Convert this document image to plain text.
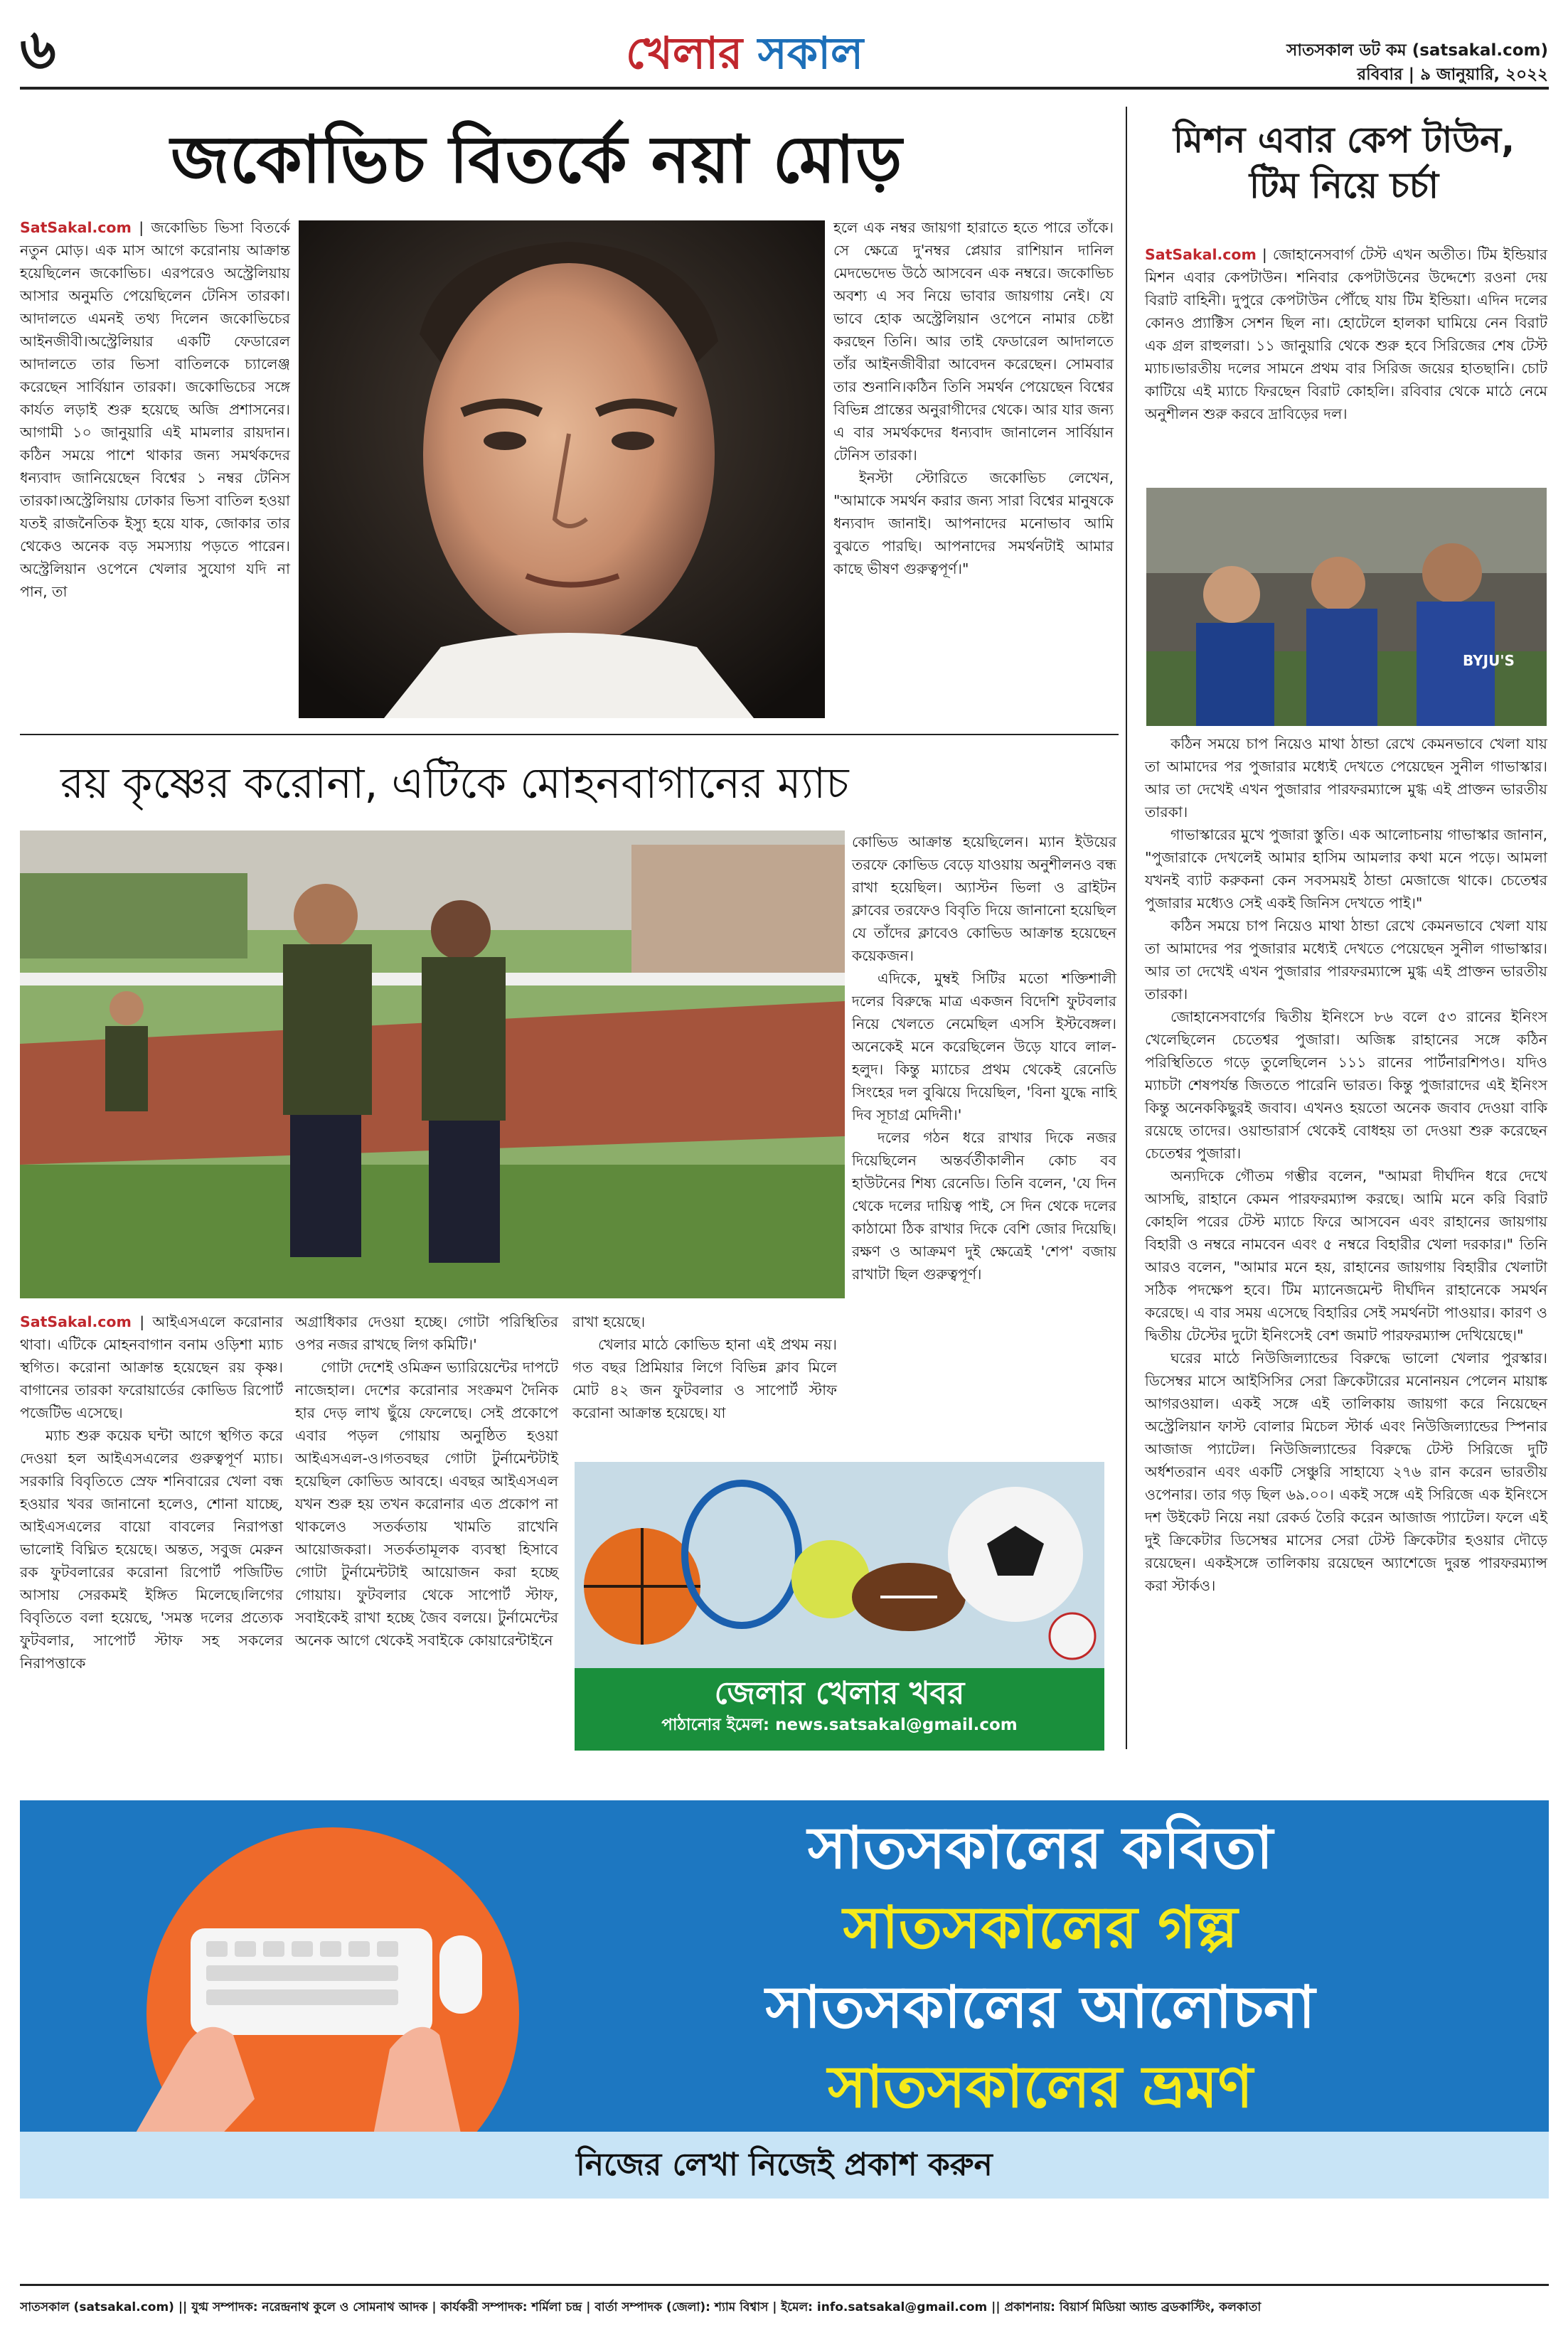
৬	খেলার সকাল	সাতসকাল ডট কম (satsakal.com)
রবিবার | ৯ জানুয়ারি, ২০২২
জকোভিচ বিতর্কে নয়া মোড়

SatSakal.com | জকোভিচ ভিসা বিতর্কে নতুন মোড়। এক মাস আগে করোনায় আক্রান্ত হয়েছিলেন জকোভিচ। এরপরেও অস্ট্রেলিয়ায় আসার অনুমতি পেয়েছিলেন টেনিস তারকা। আদালতে এমনই তথ্য দিলেন জকোভিচের আইনজীবী।অস্ট্রেলিয়ার একটি ফেডারেল আদালতে তার ভিসা বাতিলকে চ্যালেঞ্জ করেছেন সার্বিয়ান তারকা। জকোভিচের সঙ্গে কার্যত লড়াই শুরু হয়েছে অজি প্রশাসনের। আগামী ১০ জানুয়ারি এই মামলার রায়দান।কঠিন সময়ে পাশে থাকার জন্য সমর্থকদের ধন্যবাদ জানিয়েছেন বিশ্বের ১ নম্বর টেনিস তারকা।অস্ট্রেলিয়ায় ঢোকার ভিসা বাতিল হওয়া যতই রাজনৈতিক ইস্যু হয়ে যাক, জোকার তার থেকেও অনেক বড় সমস্যায় পড়তে পারেন। অস্ট্রেলিয়ান ওপেনে খেলার সুযোগ যদি না পান, তা

হলে এক নম্বর জায়গা হারাতে হতে পারে তাঁকে। সে ক্ষেত্রে দু'নম্বর প্লেয়ার রাশিয়ান দানিল মেদভেদেভ উঠে আসবেন এক নম্বরে। জকোভিচ অবশ্য এ সব নিয়ে ভাবার জায়গায় নেই। যে ভাবে হোক অস্ট্রেলিয়ান ওপেনে নামার চেষ্টা করছেন তিনি। আর তাই ফেডারেল আদালতে তাঁর আইনজীবীরা আবেদন করেছেন। সোমবার তার শুনানি।কঠিন তিনি সমর্থন পেয়েছেন বিশ্বের বিভিন্ন প্রান্তের অনুরাগীদের থেকে। আর যার জন্য এ বার সমর্থকদের ধন্যবাদ জানালেন সার্বিয়ান টেনিস তারকা।

ইনস্টা স্টোরিতে জকোভিচ লেখেন, "আমাকে সমর্থন করার জন্য সারা বিশ্বের মানুষকে ধন্যবাদ জানাই। আপনাদের মনোভাব আমি বুঝতে পারছি। আপনাদের সমর্থনটাই আমার কাছে ভীষণ গুরুত্বপূর্ণ।"

মিশন এবার কেপ টাউন,
টিম নিয়ে চর্চা

SatSakal.com | জোহানেসবার্গ টেস্ট এখন অতীত। টিম ইন্ডিয়ার মিশন এবার কেপটাউন। শনিবার কেপটাউনের উদ্দেশ্যে রওনা দেয় বিরাট বাহিনী। দুপুরে কেপটাউন পৌঁছে যায় টিম ইন্ডিয়া। এদিন দলের কোনও প্র্যাক্টিস সেশন ছিল না। হোটেলে হালকা ঘামিয়ে নেন বিরাট এক গ্রল রাহুলরা। ১১ জানুয়ারি থেকে শুরু হবে সিরিজের শেষ টেস্ট ম্যাচ।ভারতীয় দলের সামনে প্রথম বার সিরিজ জয়ের হাতছানি। চোট কাটিয়ে এই ম্যাচে ফিরছেন বিরাট কোহলি। রবিবার থেকে মাঠে নেমে অনুশীলন শুরু করবে দ্রাবিড়ের দল।

BYJU'S

কঠিন সময়ে চাপ নিয়েও মাথা ঠান্ডা রেখে কেমনভাবে খেলা যায় তা আমাদের পর পুজারার মধ্যেই দেখতে পেয়েছেন সুনীল গাভাস্কার। আর তা দেখেই এখন পুজারার পারফরম্যান্সে মুগ্ধ এই প্রাক্তন ভারতীয় তারকা।

গাভাস্কারের মুখে পুজারা স্তুতি। এক আলোচনায় গাভাস্কার জানান, "পুজারাকে দেখলেই আমার হাসিম আমলার কথা মনে পড়ে। আমলা যখনই ব্যাট করুকনা কেন সবসময়ই ঠান্ডা মেজাজে থাকে। চেতেশ্বর পুজারার মধ্যেও সেই একই জিনিস দেখতে পাই।"

কঠিন সময়ে চাপ নিয়েও মাথা ঠান্ডা রেখে কেমনভাবে খেলা যায় তা আমাদের পর পুজারার মধ্যেই দেখতে পেয়েছেন সুনীল গাভাস্কার। আর তা দেখেই এখন পুজারার পারফরম্যান্সে মুগ্ধ এই প্রাক্তন ভারতীয় তারকা।

জোহানেসবার্গের দ্বিতীয় ইনিংসে ৮৬ বলে ৫৩ রানের ইনিংস খেলেছিলেন চেতেশ্বর পুজারা। অজিঙ্ক রাহানের সঙ্গে কঠিন পরিস্থিতিতে গড়ে তুলেছিলেন ১১১ রানের পার্টনারশিপও। যদিও ম্যাচটা শেষপর্যন্ত জিততে পারেনি ভারত। কিন্তু পুজারাদের এই ইনিংস কিন্তু অনেককিছুরই জবাব। এখনও হয়তো অনেক জবাব দেওয়া বাকি রয়েছে তাদের। ওয়ান্ডারার্স থেকেই বোধহয় তা দেওয়া শুরু করেছেন চেতেশ্বর পুজারা।

অন্যদিকে গৌতম গম্ভীর বলেন, "আমরা দীর্ঘদিন ধরে দেখে আসছি, রাহানে কেমন পারফরম্যান্স করছে। আমি মনে করি বিরাট কোহলি পরের টেস্ট ম্যাচে ফিরে আসবেন এবং রাহানের জায়গায় বিহারী ও নম্বরে নামবেন এবং ৫ নম্বরে বিহারীর খেলা দরকার।" তিনি আরও বলেন, "আমার মনে হয়, রাহানের জায়গায় বিহারীর খেলাটা সঠিক পদক্ষেপ হবে। টিম ম্যানেজমেন্ট দীর্ঘদিন রাহানেকে সমর্থন করেছে। এ বার সময় এসেছে বিহারির সেই সমর্থনটা পাওয়ার। কারণ ও দ্বিতীয় টেস্টের দুটো ইনিংসেই বেশ জমাট পারফরম্যান্স দেখিয়েছে।"

ঘরের মাঠে নিউজিল্যান্ডের বিরুদ্ধে ভালো খেলার পুরস্কার। ডিসেম্বর মাসে আইসিসির সেরা ক্রিকেটারের মনোনয়ন পেলেন মায়াঙ্ক আগরওয়াল। একই সঙ্গে এই তালিকায় জায়গা করে নিয়েছেন অস্ট্রেলিয়ান ফাস্ট বোলার মিচেল স্টার্ক এবং নিউজিল্যান্ডের স্পিনার আজাজ প্যাটেল। নিউজিল্যান্ডের বিরুদ্ধে টেস্ট সিরিজে দুটি অর্ধশতরান এবং একটি সেঞ্চুরি সাহায্যে ২৭৬ রান করেন ভারতীয় ওপেনার। তার গড় ছিল ৬৯.০০। একই সঙ্গে এই সিরিজে এক ইনিংসে দশ উইকেট নিয়ে নয়া রেকর্ড তৈরি করেন আজাজ প্যাটেল। ফলে এই দুই ক্রিকেটার ডিসেম্বর মাসের সেরা টেস্ট ক্রিকেটার হওয়ার দৌড়ে রয়েছেন। একইসঙ্গে তালিকায় রয়েছেন অ্যাশেজে দুরন্ত পারফরম্যান্স করা স্টার্কও।

রয় কৃষ্ণের করোনা, এটিকে মোহনবাগানের ম্যাচ

কোভিড আক্রান্ত হয়েছিলেন। ম্যান ইউয়ের তরফে কোভিড বেড়ে যাওয়ায় অনুশীলনও বন্ধ রাখা হয়েছিল। অ্যাস্টন ভিলা ও ব্রাইটন ক্লাবের তরফেও বিবৃতি দিয়ে জানানো হয়েছিল যে তাঁদের ক্লাবেও কোভিড আক্রান্ত হয়েছেন কয়েকজন।

এদিকে, মুম্বই সিটির মতো শক্তিশালী দলের বিরুদ্ধে মাত্র একজন বিদেশি ফুটবলার নিয়ে খেলতে নেমেছিল এসসি ইস্টবেঙ্গল। অনেকেই মনে করেছিলেন উড়ে যাবে লাল-হলুদ। কিন্তু ম্যাচের প্রথম থেকেই রেনেডি সিংহের দল বুঝিয়ে দিয়েছিল, 'বিনা যুদ্ধে নাহি দিব সূচাগ্র মেদিনী।'

দলের গঠন ধরে রাখার দিকে নজর দিয়েছিলেন অন্তর্বর্তীকালীন কোচ বব হাউটনের শিষ্য রেনেডি। তিনি বলেন, 'যে দিন থেকে দলের দায়িত্ব পাই, সে দিন থেকে দলের কাঠামো ঠিক রাখার দিকে বেশি জোর দিয়েছি। রক্ষণ ও আক্রমণ দুই ক্ষেত্রেই 'শেপ' বজায় রাখাটা ছিল গুরুত্বপূর্ণ।

SatSakal.com | আইএসএলে করোনার থাবা। এটিকে মোহনবাগান বনাম ওড়িশা ম্যাচ স্থগিত। করোনা আক্রান্ত হয়েছেন রয় কৃষ্ণ। বাগানের তারকা ফরোয়ার্ডের কোভিড রিপোর্ট পজেটিভ এসেছে।

ম্যাচ শুরু কয়েক ঘন্টা আগে স্থগিত করে দেওয়া হল আইএসএলের গুরুত্বপূর্ণ ম্যাচ। সরকারি বিবৃতিতে স্রেফ শনিবারের খেলা বন্ধ হওয়ার খবর জানানো হলেও, শোনা যাচ্ছে, আইএসএলের বায়ো বাবলের নিরাপত্তা ভালোই বিঘ্নিত হয়েছে। অন্তত, সবুজ মেরুন রক ফুটবলারের করোনা রিপোর্ট পজিটিভ আসায় সেরকমই ইঙ্গিত মিলেছে।লিগের বিবৃতিতে বলা হয়েছে, 'সমস্ত দলের প্রত্যেক ফুটবলার, সাপোর্ট স্টাফ সহ সকলের নিরাপত্তাকে

অগ্রাধিকার দেওয়া হচ্ছে। গোটা পরিস্থিতির ওপর নজর রাখছে লিগ কমিটি।'

গোটা দেশেই ওমিক্রন ভ্যারিয়েন্টের দাপটে নাজেহাল। দেশের করোনার সংক্রমণ দৈনিক হার দেড় লাখ ছুঁয়ে ফেলেছে। সেই প্রকোপে এবার পড়ল গোয়ায় অনুষ্ঠিত হওয়া আইএসএল-ও।গতবছর গোটা টুর্নামেন্টটাই হয়েছিল কোভিড আবহে। এবছর আইএসএল যখন শুরু হয় তখন করোনার এত প্রকোপ না থাকলেও সতর্কতায় খামতি রাখেনি আয়োজকরা। সতর্কতামূলক ব্যবস্থা হিসাবে গোটা টুর্নামেন্টটাই আয়োজন করা হচ্ছে গোয়ায়। ফুটবলার থেকে সাপোর্ট স্টাফ, সবাইকেই রাখা হচ্ছে জৈব বলয়ে। টুর্নামেন্টের অনেক আগে থেকেই সবাইকে কোয়ারেন্টাইনে

রাখা হয়েছে।

খেলার মাঠে কোভিড হানা এই প্রথম নয়। গত বছর প্রিমিয়ার লিগে বিভিন্ন ক্লাব মিলে মোট ৪২ জন ফুটবলার ও সাপোর্ট স্টাফ করোনা আক্রান্ত হয়েছে। যা

জেলার খেলার খবর
পাঠানোর ইমেল: news.satsakal@gmail.com
সাতসকালের কবিতা
সাতসকালের গল্প
সাতসকালের আলোচনা
সাতসকালের ভ্রমণ
নিজের লেখা নিজেই প্রকাশ করুন
সাতসকাল (satsakal.com) || যুগ্ম সম্পাদক: নরেন্দ্রনাথ কুলে ও সোমনাথ আদক | কার্যকরী সম্পাদক: শর্মিলা চন্দ্র | বার্তা সম্পাদক (জেলা): শ্যাম বিশ্বাস | ইমেল: info.satsakal@gmail.com || প্রকাশনায়: বিয়ার্স মিডিয়া অ্যান্ড ব্রডকাস্টিং, কলকাতা
